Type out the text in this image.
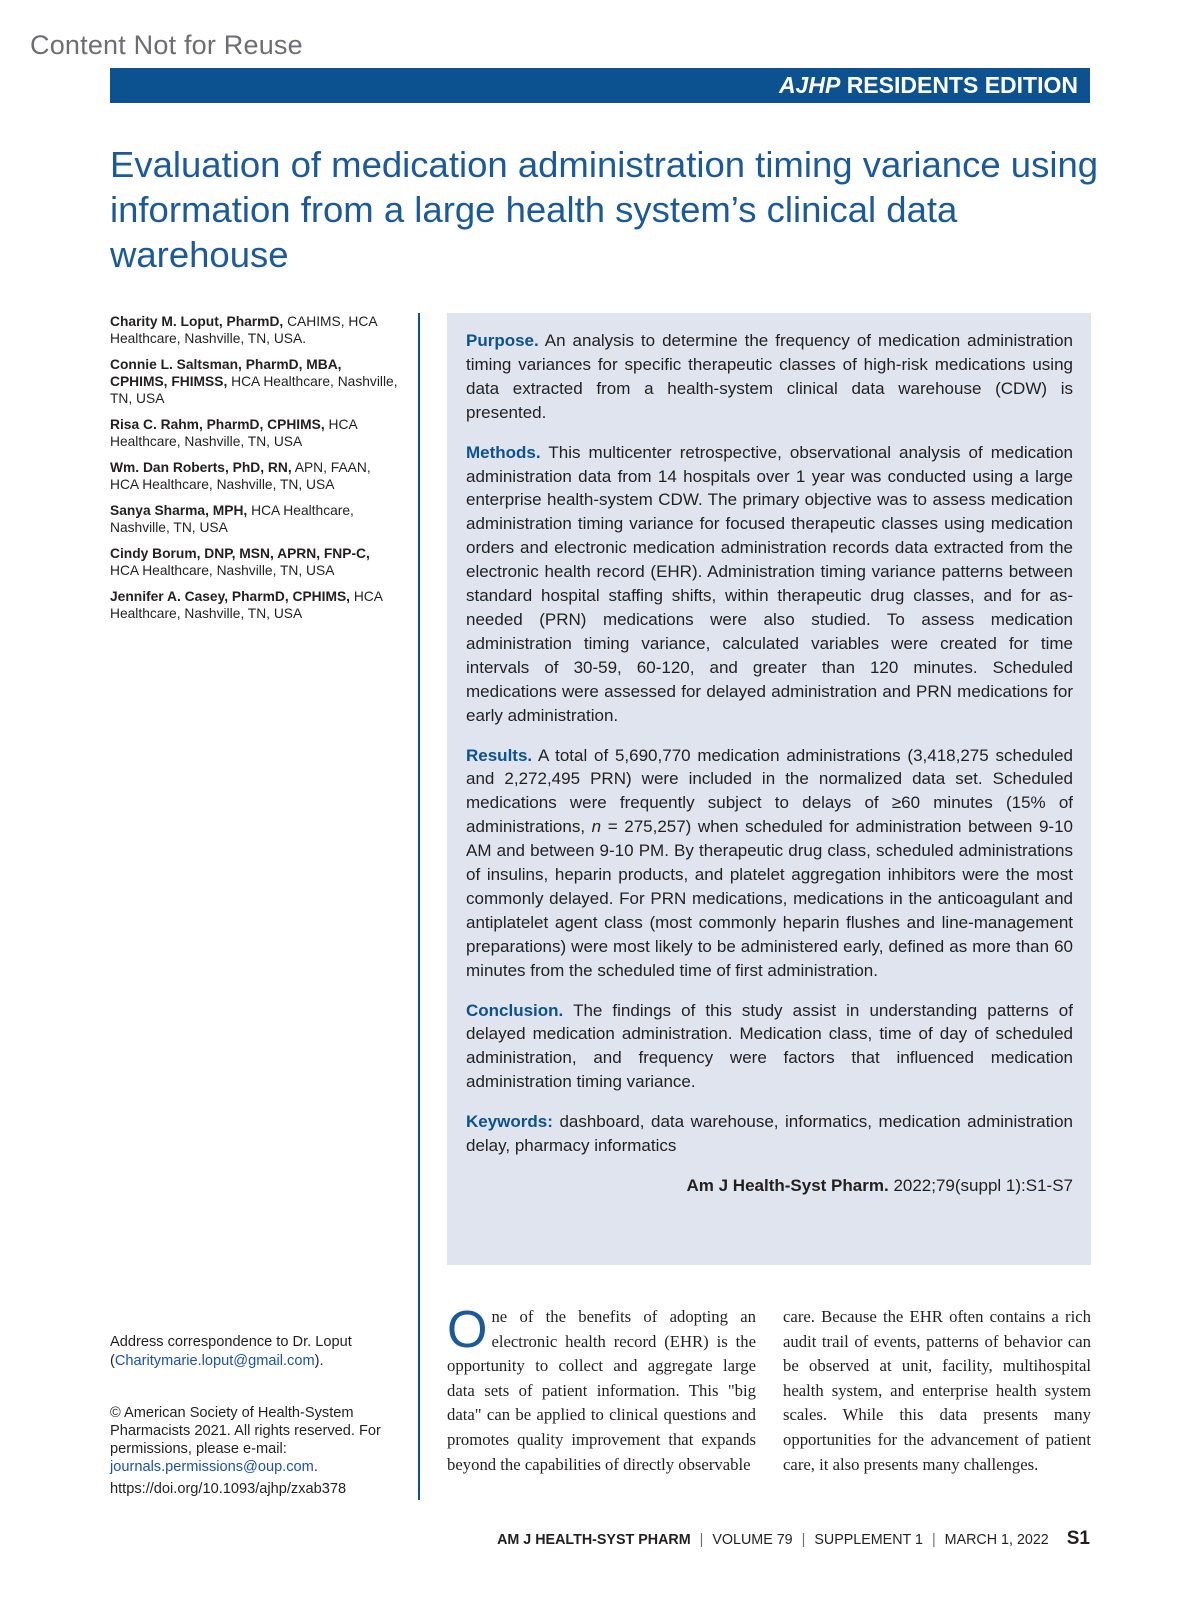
Content Not for Reuse
AJHP RESIDENTS EDITION
Evaluation of medication administration timing variance using information from a large health system’s clinical data warehouse
Charity M. Loput, PharmD, CAHIMS, HCA Healthcare, Nashville, TN, USA.
Connie L. Saltsman, PharmD, MBA, CPHIMS, FHIMSS, HCA Healthcare, Nashville, TN, USA
Risa C. Rahm, PharmD, CPHIMS, HCA Healthcare, Nashville, TN, USA
Wm. Dan Roberts, PhD, RN, APN, FAAN, HCA Healthcare, Nashville, TN, USA
Sanya Sharma, MPH, HCA Healthcare, Nashville, TN, USA
Cindy Borum, DNP, MSN, APRN, FNP-C, HCA Healthcare, Nashville, TN, USA
Jennifer A. Casey, PharmD, CPHIMS, HCA Healthcare, Nashville, TN, USA

Purpose. An analysis to determine the frequency of medication administration timing variances for specific therapeutic classes of high-risk medications using data extracted from a health-system clinical data warehouse (CDW) is presented.

Methods. This multicenter retrospective, observational analysis of medication administration data from 14 hospitals over 1 year was conducted using a large enterprise health-system CDW. The primary objective was to assess medication administration timing variance for focused therapeutic classes using medication orders and electronic medication administration records data extracted from the electronic health record (EHR). Administration timing variance patterns between standard hospital staffing shifts, within therapeutic drug classes, and for as-needed (PRN) medications were also studied. To assess medication administration timing variance, calculated variables were created for time intervals of 30-59, 60-120, and greater than 120 minutes. Scheduled medications were assessed for delayed administration and PRN medications for early administration.

Results. A total of 5,690,770 medication administrations (3,418,275 scheduled and 2,272,495 PRN) were included in the normalized data set. Scheduled medications were frequently subject to delays of ≥60 minutes (15% of administrations, n = 275,257) when scheduled for administration between 9-10 AM and between 9-10 PM. By therapeutic drug class, scheduled administrations of insulins, heparin products, and platelet aggregation inhibitors were the most commonly delayed. For PRN medications, medications in the anticoagulant and antiplatelet agent class (most commonly heparin flushes and line-management preparations) were most likely to be administered early, defined as more than 60 minutes from the scheduled time of first administration.

Conclusion. The findings of this study assist in understanding patterns of delayed medication administration. Medication class, time of day of scheduled administration, and frequency were factors that influenced medication administration timing variance.

Keywords: dashboard, data warehouse, informatics, medication administration delay, pharmacy informatics

Am J Health-Syst Pharm. 2022;79(suppl 1):S1-S7
Address correspondence to Dr. Loput
(Charitymarie.loput@gmail.com).
© American Society of Health-System Pharmacists 2021. All rights reserved. For permissions, please e-mail: journals.permissions@oup.com.
https://doi.org/10.1093/ajhp/zxab378
One of the benefits of adopting an electronic health record (EHR) is the opportunity to collect and aggregate large data sets of patient information. This "big data" can be applied to clinical questions and promotes quality improvement that expands beyond the capabilities of directly observable
care. Because the EHR often contains a rich audit trail of events, patterns of behavior can be observed at unit, facility, multihospital health system, and enterprise health system scales. While this data presents many opportunities for the advancement of patient care, it also presents many challenges.
AM J HEALTH-SYST PHARM | VOLUME 79 | SUPPLEMENT 1 | MARCH 1, 2022 S1
